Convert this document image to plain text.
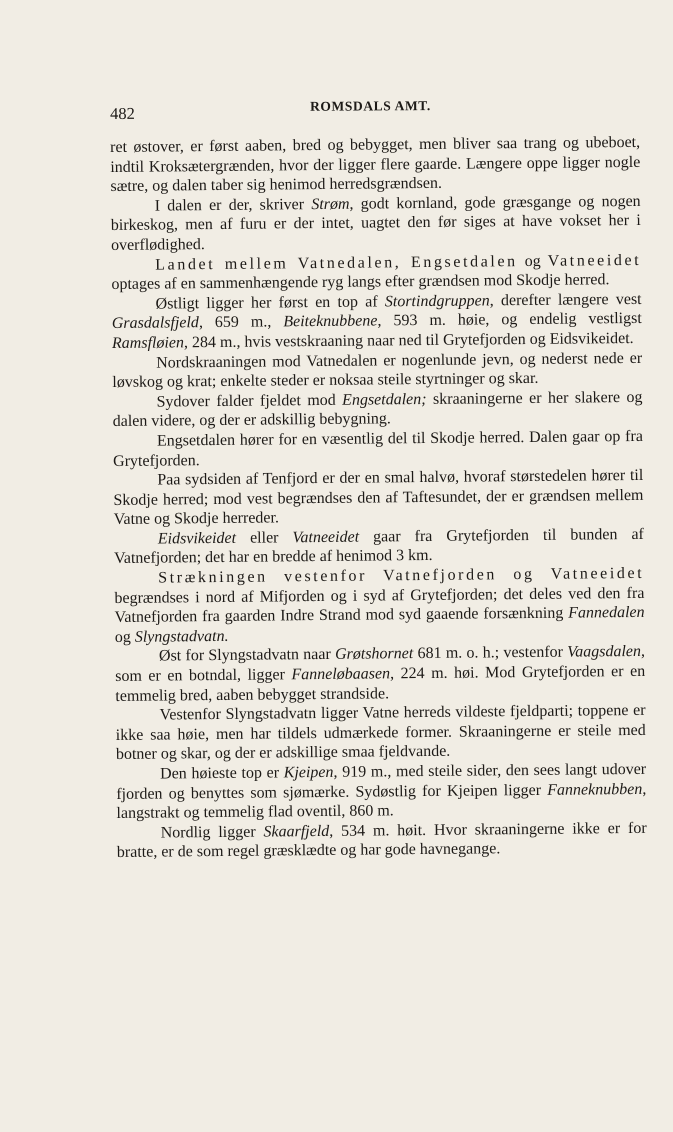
482	ROMSDALS AMT.

ret østover, er først aaben, bred og bebygget, men bliver saa trang og ubeboet, indtil Kroksætergrænden, hvor der ligger flere gaarde. Længere oppe ligger nogle sætre, og dalen taber sig henimod herredsgrændsen.

I dalen er der, skriver Strøm, godt kornland, gode græsgange og nogen birkeskog, men af furu er der intet, uagtet den før siges at have vokset her i overflødighed.

Landet mellem Vatnedalen, Engsetdalen og Vatneeidet optages af en sammenhængende ryg langs efter grændsen mod Skodje herred.

Østligt ligger her først en top af Stortindgruppen, derefter længere vest Grasdalsfjeld, 659 m., Beiteknubbene, 593 m. høie, og endelig vestligst Ramsfløien, 284 m., hvis vestskraaning naar ned til Grytefjorden og Eidsvikeidet.

Nordskraaningen mod Vatnedalen er nogenlunde jevn, og nederst nede er løvskog og krat; enkelte steder er noksaa steile styrtninger og skar.

Sydover falder fjeldet mod Engsetdalen; skraaningerne er her slakere og dalen videre, og der er adskillig bebygning.

Engsetdalen hører for en væsentlig del til Skodje herred. Dalen gaar op fra Grytefjorden.

Paa sydsiden af Tenfjord er der en smal halvø, hvoraf størstedelen hører til Skodje herred; mod vest begrændses den af Taftesundet, der er grændsen mellem Vatne og Skodje herreder.

Eidsvikeidet eller Vatneeidet gaar fra Grytefjorden til bunden af Vatnefjorden; det har en bredde af henimod 3 km.

Strækningen vestenfor Vatnefjorden og Vatneeidet begrændses i nord af Mifjorden og i syd af Grytefjorden; det deles ved den fra Vatnefjorden fra gaarden Indre Strand mod syd gaaende forsænkning Fannedalen og Slyngstadvatn.

Øst for Slyngstadvatn naar Grøtshornet 681 m. o. h.; vestenfor Vaagsdalen, som er en botndal, ligger Fanneløbaasen, 224 m. høi. Mod Grytefjorden er en temmelig bred, aaben bebygget strandside.

Vestenfor Slyngstadvatn ligger Vatne herreds vildeste fjeldparti; toppene er ikke saa høie, men har tildels udmærkede former. Skraaningerne er steile med botner og skar, og der er adskillige smaa fjeldvande.

Den høieste top er Kjeipen, 919 m., med steile sider, den sees langt udover fjorden og benyttes som sjømærke. Sydøstlig for Kjeipen ligger Fanneknubben, langstrakt og temmelig flad oventil, 860 m.

Nordlig ligger Skaarfjeld, 534 m. høit. Hvor skraaningerne ikke er for bratte, er de som regel græsklædte og har gode havnegange.
